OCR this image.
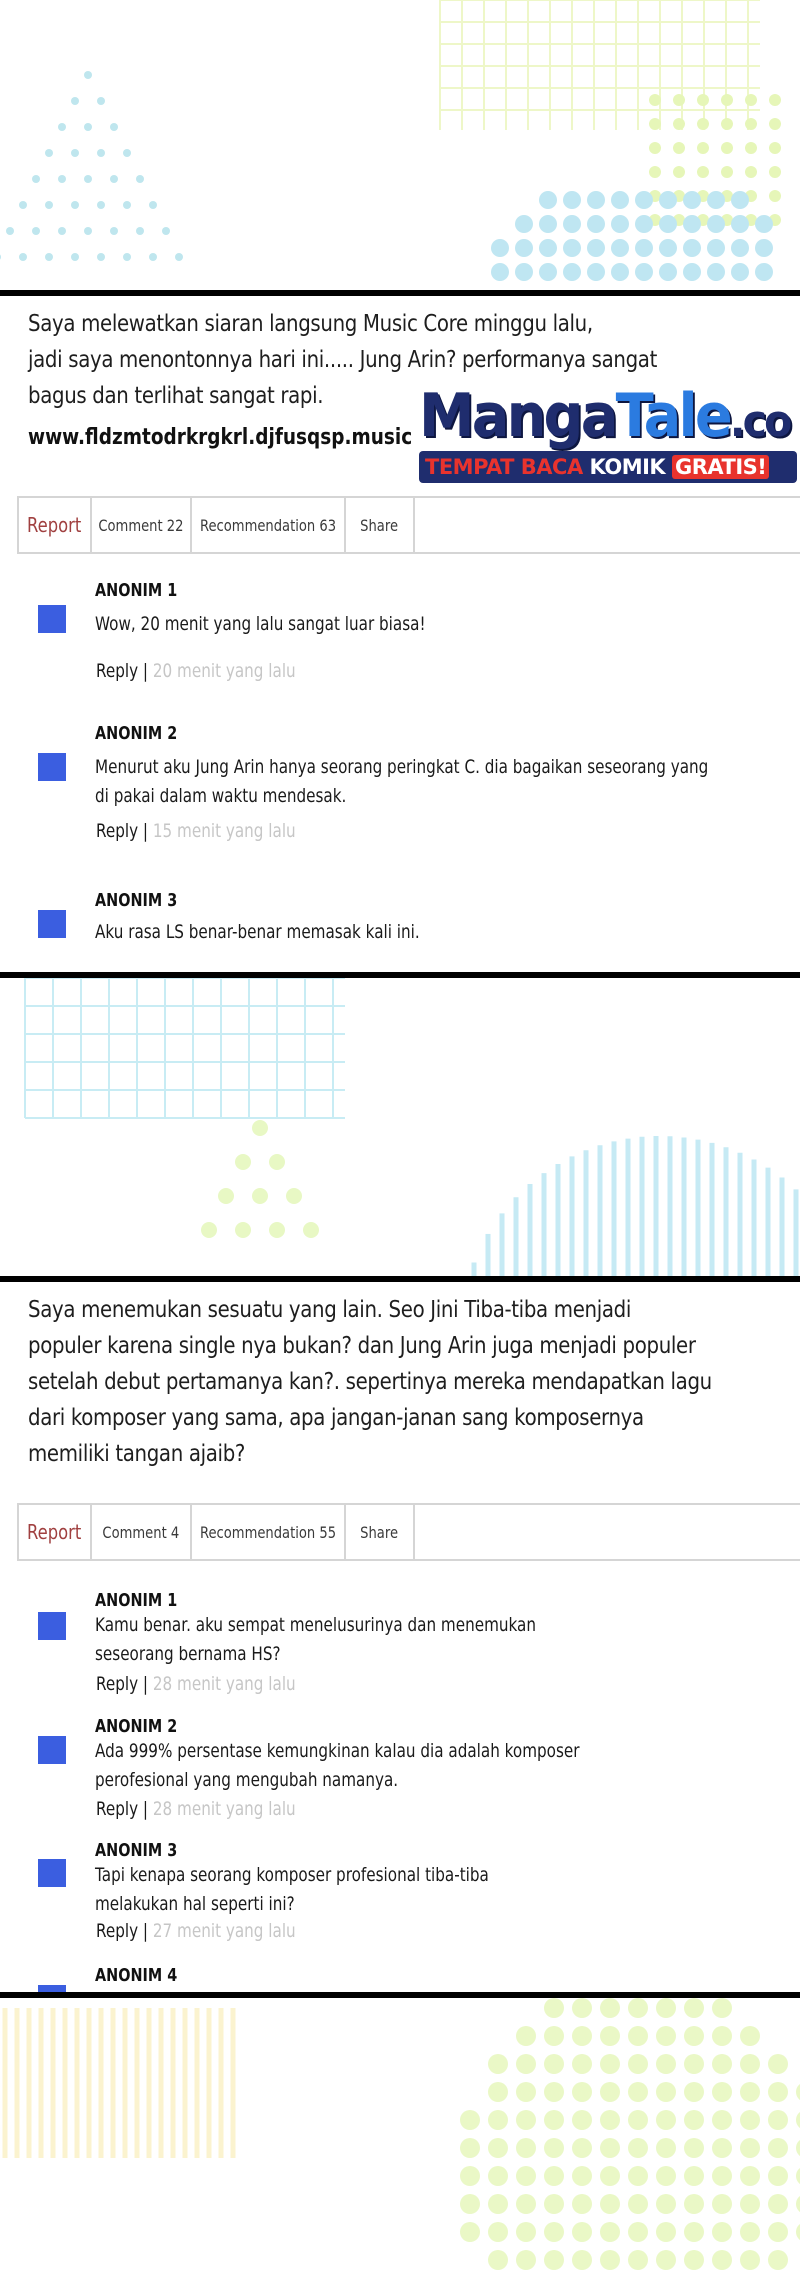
Saya melewatkan siaran langsung Music Core minggu lalu,
jadi saya menontonnya hari ini..... Jung Arin? performanya sangat
bagus dan terlihat sangat rapi.
www.fldzmtodrkrgkrl.djfusqsp.music MangaTale.co
TEMPAT BACA KOMIK GRATIS!
Report Comment 22 Recommendation 63 Share
ANONIM 1
Wow, 20 menit yang lalu sangat luar biasa!
Reply | 20 menit yang lalu
ANONIM 2
Menurut aku Jung Arin hanya seorang peringkat C. dia bagaikan seseorang yang
di pakai dalam waktu mendesak.
Reply | 15 menit yang lalu
ANONIM 3
Aku rasa LS benar-benar memasak kali ini.
Saya menemukan sesuatu yang lain. Seo Jini Tiba-tiba menjadi
populer karena single nya bukan? dan Jung Arin juga menjadi populer
setelah debut pertamanya kan?. sepertinya mereka mendapatkan lagu
dari komposer yang sama, apa jangan-janan sang komposernya
memiliki tangan ajaib?
Report Comment 4 Recommendation 55 Share
ANONIM 1
Kamu benar. aku sempat menelusurinya dan menemukan
seseorang bernama HS?
Reply | 28 menit yang lalu
ANONIM 2
Ada 999% persentase kemungkinan kalau dia adalah komposer
perofesional yang mengubah namanya.
Reply | 28 menit yang lalu
ANONIM 3
Tapi kenapa seorang komposer profesional tiba-tiba
melakukan hal seperti ini?
Reply | 27 menit yang lalu
ANONIM 4
